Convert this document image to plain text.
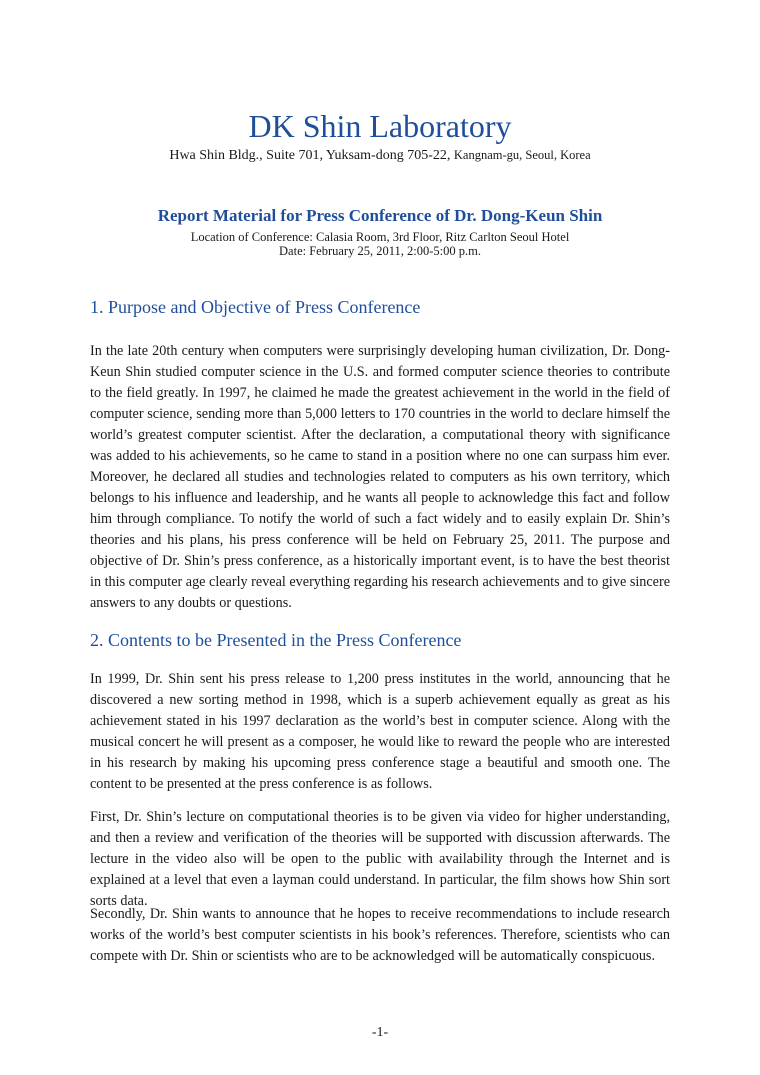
DK Shin Laboratory
Hwa Shin Bldg., Suite 701, Yuksam-dong 705-22, Kangnam-gu, Seoul, Korea
Report Material for Press Conference of Dr. Dong-Keun Shin
Location of Conference: Calasia Room, 3rd Floor, Ritz Carlton Seoul Hotel
Date: February 25, 2011, 2:00-5:00 p.m.
1. Purpose and Objective of Press Conference
In the late 20th century when computers were surprisingly developing human civilization, Dr. Dong-Keun Shin studied computer science in the U.S. and formed computer science theories to contribute to the field greatly. In 1997, he claimed he made the greatest achievement in the world in the field of computer science, sending more than 5,000 letters to 170 countries in the world to declare himself the world’s greatest computer scientist. After the declaration, a computational theory with significance was added to his achievements, so he came to stand in a position where no one can surpass him ever. Moreover, he declared all studies and technologies related to computers as his own territory, which belongs to his influence and leadership, and he wants all people to acknowledge this fact and follow him through compliance. To notify the world of such a fact widely and to easily explain Dr. Shin’s theories and his plans, his press conference will be held on February 25, 2011. The purpose and objective of Dr. Shin’s press conference, as a historically important event, is to have the best theorist in this computer age clearly reveal everything regarding his research achievements and to give sincere answers to any doubts or questions.
2. Contents to be Presented in the Press Conference
In 1999, Dr. Shin sent his press release to 1,200 press institutes in the world, announcing that he discovered a new sorting method in 1998, which is a superb achievement equally as great as his achievement stated in his 1997 declaration as the world’s best in computer science. Along with the musical concert he will present as a composer, he would like to reward the people who are interested in his research by making his upcoming press conference stage a beautiful and smooth one. The content to be presented at the press conference is as follows.
First, Dr. Shin’s lecture on computational theories is to be given via video for higher understanding, and then a review and verification of the theories will be supported with discussion afterwards. The lecture in the video also will be open to the public with availability through the Internet and is explained at a level that even a layman could understand. In particular, the film shows how Shin sort sorts data.
Secondly, Dr. Shin wants to announce that he hopes to receive recommendations to include research works of the world’s best computer scientists in his book’s references. Therefore, scientists who can compete with Dr. Shin or scientists who are to be acknowledged will be automatically conspicuous.
-1-
